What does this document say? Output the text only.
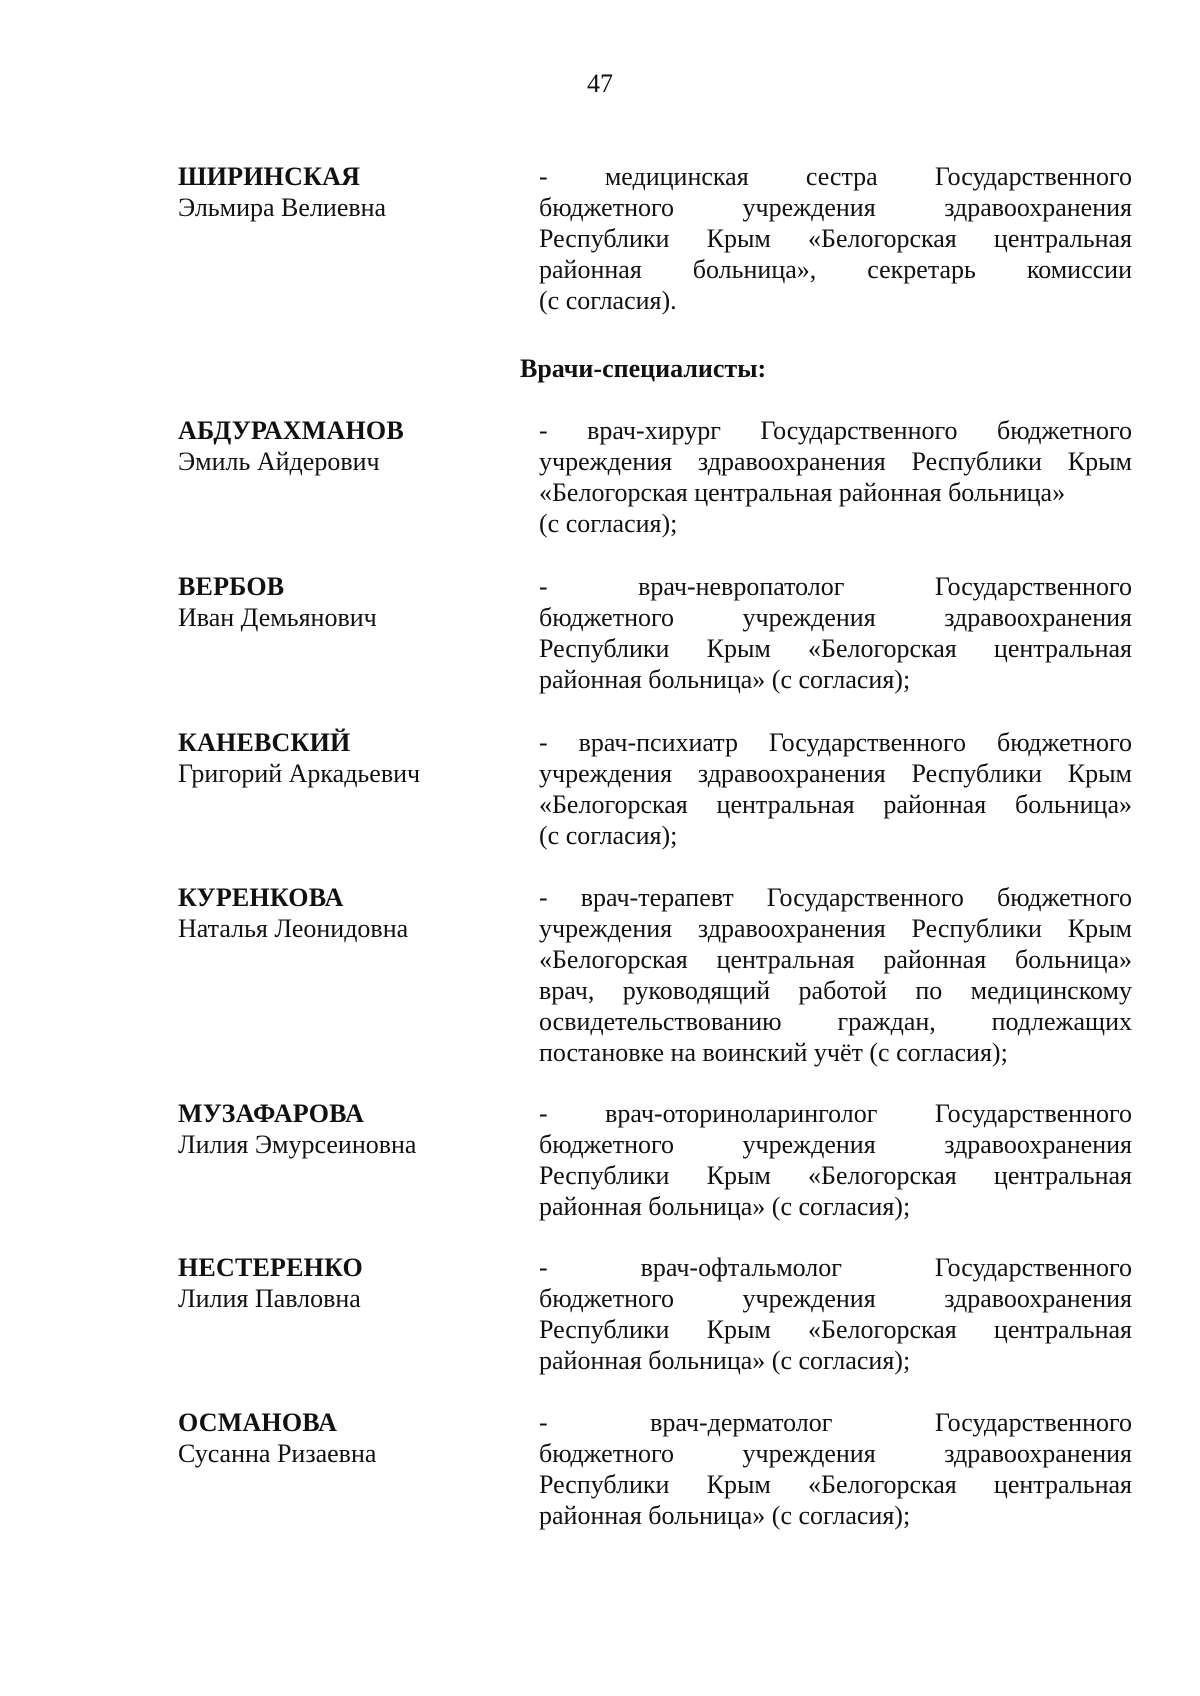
47
ШИРИНСКАЯ
Эльмира Велиевна
- медицинская сестра Государственного
бюджетного учреждения здравоохранения
Республики Крым «Белогорская центральная
районная больница», секретарь комиссии
(с согласия).
Врачи-специалисты:
АБДУРАХМАНОВ
Эмиль Айдерович
- врач-хирург Государственного бюджетного
учреждения здравоохранения Республики Крым
«Белогорская центральная районная больница»
(с согласия);
ВЕРБОВ
Иван Демьянович
- врач-невропатолог Государственного
бюджетного учреждения здравоохранения
Республики Крым «Белогорская центральная
районная больница» (с согласия);
КАНЕВСКИЙ
Григорий Аркадьевич
- врач-психиатр Государственного бюджетного
учреждения здравоохранения Республики Крым
«Белогорская центральная районная больница»
(с согласия);
КУРЕНКОВА
Наталья Леонидовна
- врач-терапевт Государственного бюджетного
учреждения здравоохранения Республики Крым
«Белогорская центральная районная больница»
врач, руководящий работой по медицинскому
освидетельствованию граждан, подлежащих
постановке на воинский учёт (с согласия);
МУЗАФАРОВА
Лилия Эмурсеиновна
- врач-оториноларинголог Государственного
бюджетного учреждения здравоохранения
Республики Крым «Белогорская центральная
районная больница» (с согласия);
НЕСТЕРЕНКО
Лилия Павловна
- врач-офтальмолог Государственного
бюджетного учреждения здравоохранения
Республики Крым «Белогорская центральная
районная больница» (с согласия);
ОСМАНОВА
Сусанна Ризаевна
- врач-дерматолог Государственного
бюджетного учреждения здравоохранения
Республики Крым «Белогорская центральная
районная больница» (с согласия);
